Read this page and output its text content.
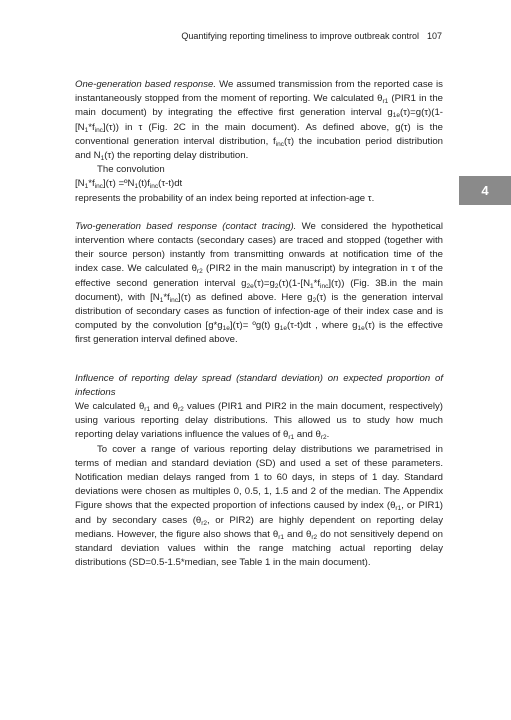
Quantifying reporting timeliness to improve outbreak control 107
4

One-generation based response. We assumed transmission from the reported case is instantaneously stopped from the moment of reporting. We calculated $\theta_{r1}$ (PIR1 in the main document) by integrating the effective first generation interval $g_{1e}(\tau)=g(\tau)(1-[N_1*f_{inc}](\tau))$ in τ (Fig. 2C in the main document). As defined above, g(τ) is the conventional generation interval distribution, $f_{inc}(\tau)$ the incubation period distribution and $N_1(\tau)$ the reporting delay distribution.

The convolution

$[N_1*f_{inc}](\tau)$ $=ºN_1(t)f_{inc}(\tau-t)dt$

represents the probability of an index being reported at infection-age τ.

Two-generation based response (contact tracing). We considered the hypothetical intervention where contacts (secondary cases) are traced and stopped (together with their source person) instantly from transmitting onwards at notification time of the index case. We calculated $\theta_{r2}$ (PIR2 in the main manuscript) by integration in τ of the effective second generation interval $g_{2e}(\tau)=g_2(\tau)(1-[N_1*f_{inc}](\tau))$ (Fig. 3B.in the main document), with $[N_1*f_{inc}](\tau)$ as defined above. Here $g_2(\tau)$ is the generation interval distribution of secondary cases as function of infection-age of their index case and is computed by the convolution $[g*g_{1e}](\tau)=$ ºg(t) $g_{1e}(\tau-t)dt$ , where $g_{1e}(\tau)$ is the effective first generation interval defined above.

Influence of reporting delay spread (standard deviation) on expected proportion of infections

We calculated $\theta_{r1}$ and $\theta_{r2}$ values (PIR1 and PIR2 in the main document, respectively) using various reporting delay distributions. This allowed us to study how much reporting delay variations influence the values of $\theta_{r1}$ and $\theta_{r2}$.

To cover a range of various reporting delay distributions we parametrised in terms of median and standard deviation (SD) and used a set of these parameters. Notification median delays ranged from 1 to 60 days, in steps of 1 day. Standard deviations were chosen as multiples 0, 0.5, 1, 1.5 and 2 of the median. The Appendix Figure shows that the expected proportion of infections caused by index ($\theta_{r1}$, or PIR1) and by secondary cases ($\theta_{r2}$, or PIR2) are highly dependent on reporting delay medians. However, the figure also shows that $\theta_{r1}$ and $\theta_{r2}$ do not sensitively depend on standard deviation values within the range matching actual reporting delay distributions (SD=0.5-1.5*median, see Table 1 in the main document).
